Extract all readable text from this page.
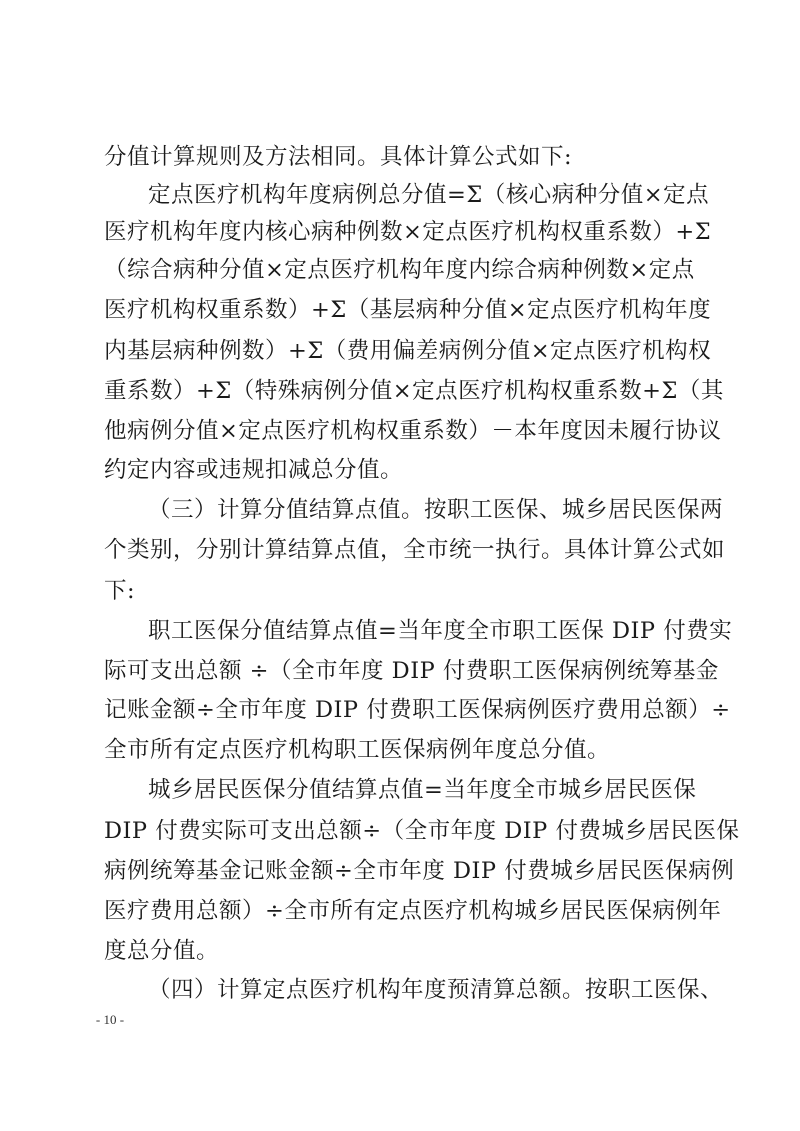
分值计算规则及方法相同。具体计算公式如下:
定点医疗机构年度病例总分值=Σ（核心病种分值×定点
医疗机构年度内核心病种例数×定点医疗机构权重系数）+Σ
（综合病种分值×定点医疗机构年度内综合病种例数×定点
医疗机构权重系数）+Σ（基层病种分值×定点医疗机构年度
内基层病种例数）+Σ（费用偏差病例分值×定点医疗机构权
重系数）+Σ（特殊病例分值×定点医疗机构权重系数+Σ（其
他病例分值×定点医疗机构权重系数）－本年度因未履行协议
约定内容或违规扣减总分值。
（三）计算分值结算点值。按职工医保、城乡居民医保两
个类别，分别计算结算点值，全市统一执行。具体计算公式如
下:
职工医保分值结算点值=当年度全市职工医保 DIP 付费实
际可支出总额 ÷（全市年度 DIP 付费职工医保病例统筹基金
记账金额÷全市年度 DIP 付费职工医保病例医疗费用总额）÷
全市所有定点医疗机构职工医保病例年度总分值。
城乡居民医保分值结算点值=当年度全市城乡居民医保
DIP 付费实际可支出总额÷（全市年度 DIP 付费城乡居民医保
病例统筹基金记账金额÷全市年度 DIP 付费城乡居民医保病例
医疗费用总额）÷全市所有定点医疗机构城乡居民医保病例年
度总分值。
（四）计算定点医疗机构年度预清算总额。按职工医保、
- 10 -
